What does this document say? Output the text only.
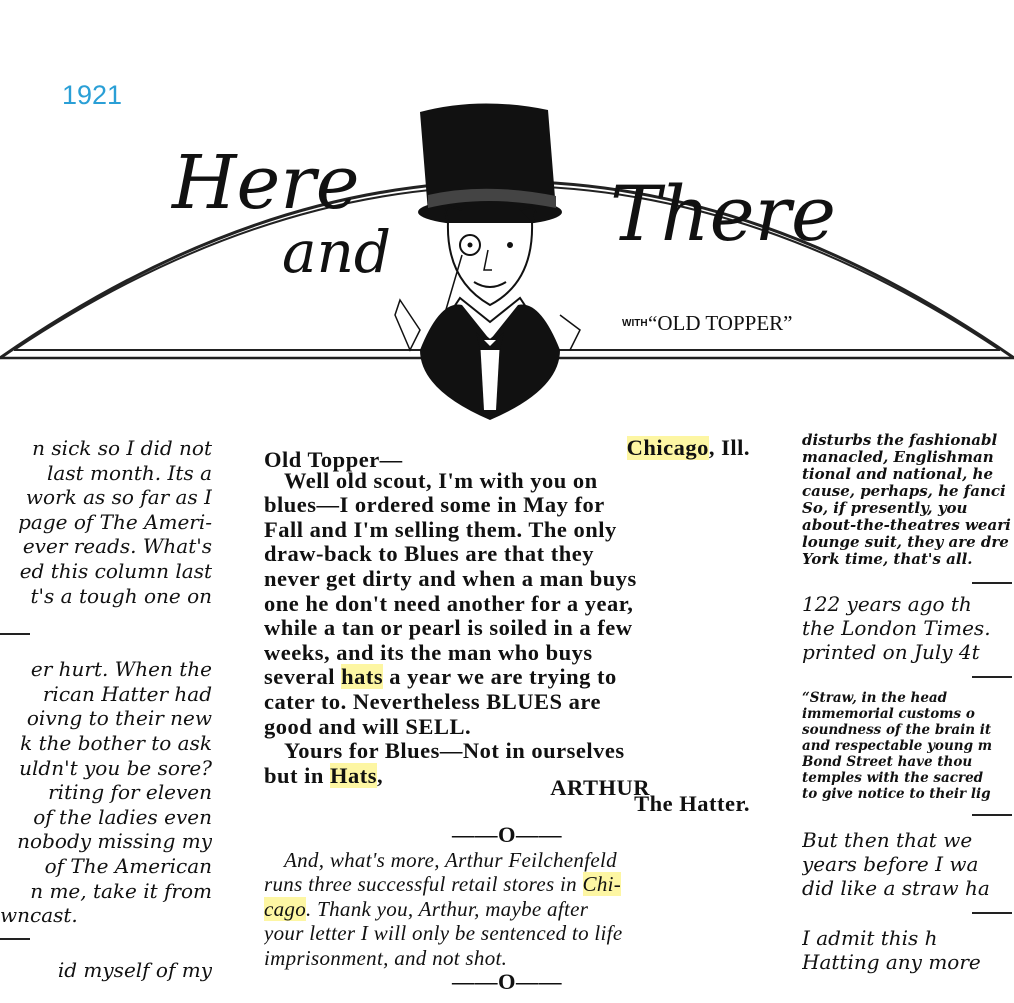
1921
Here
and	There
WITH “OLD TOPPER”

n sick so I did not

last month. Its a

work as so far as I

page of The Ameri-

ever reads. What's

ed this column last

t's a tough one on

er hurt. When the

rican Hatter had

oivng to their new

k the bother to ask

uldn't you be sore?

riting for eleven

of the ladies even

nobody missing my

of The American

n me, take it from

wncast.

id myself of my

Old Topper—	Chicago, Ill.
Well old scout, I'm with you on
blues—I ordered some in May for
Fall and I'm selling them. The only
draw-back to Blues are that they
never get dirty and when a man buys
one he don't need another for a year,
while a tan or pearl is soiled in a few
weeks, and its the man who buys
several hats a year we are trying to
cater to. Nevertheless BLUES are
good and will SELL.
Yours for Blues—Not in ourselves
but in Hats,	ARTHUR
The Hatter.
——O——
And, what's more, Arthur Feilchenfeld
runs three successful retail stores in Chi-
cago. Thank you, Arthur, maybe after
your letter I will only be sentenced to life
imprisonment, and not shot.
——O——

disturbs the fashionabl

manacled, Englishman

tional and national, he

cause, perhaps, he fanci

So, if presently, you

about-the-theatres weari

lounge suit, they are dre

York time, that's all.

122 years ago th

the London Times.

printed on July 4t

“Straw, in the head

immemorial customs o

soundness of the brain it

and respectable young m

Bond Street have thou

temples with the sacred

to give notice to their lig

But then that we

years before I wa

did like a straw ha

I admit this h

Hatting any more
